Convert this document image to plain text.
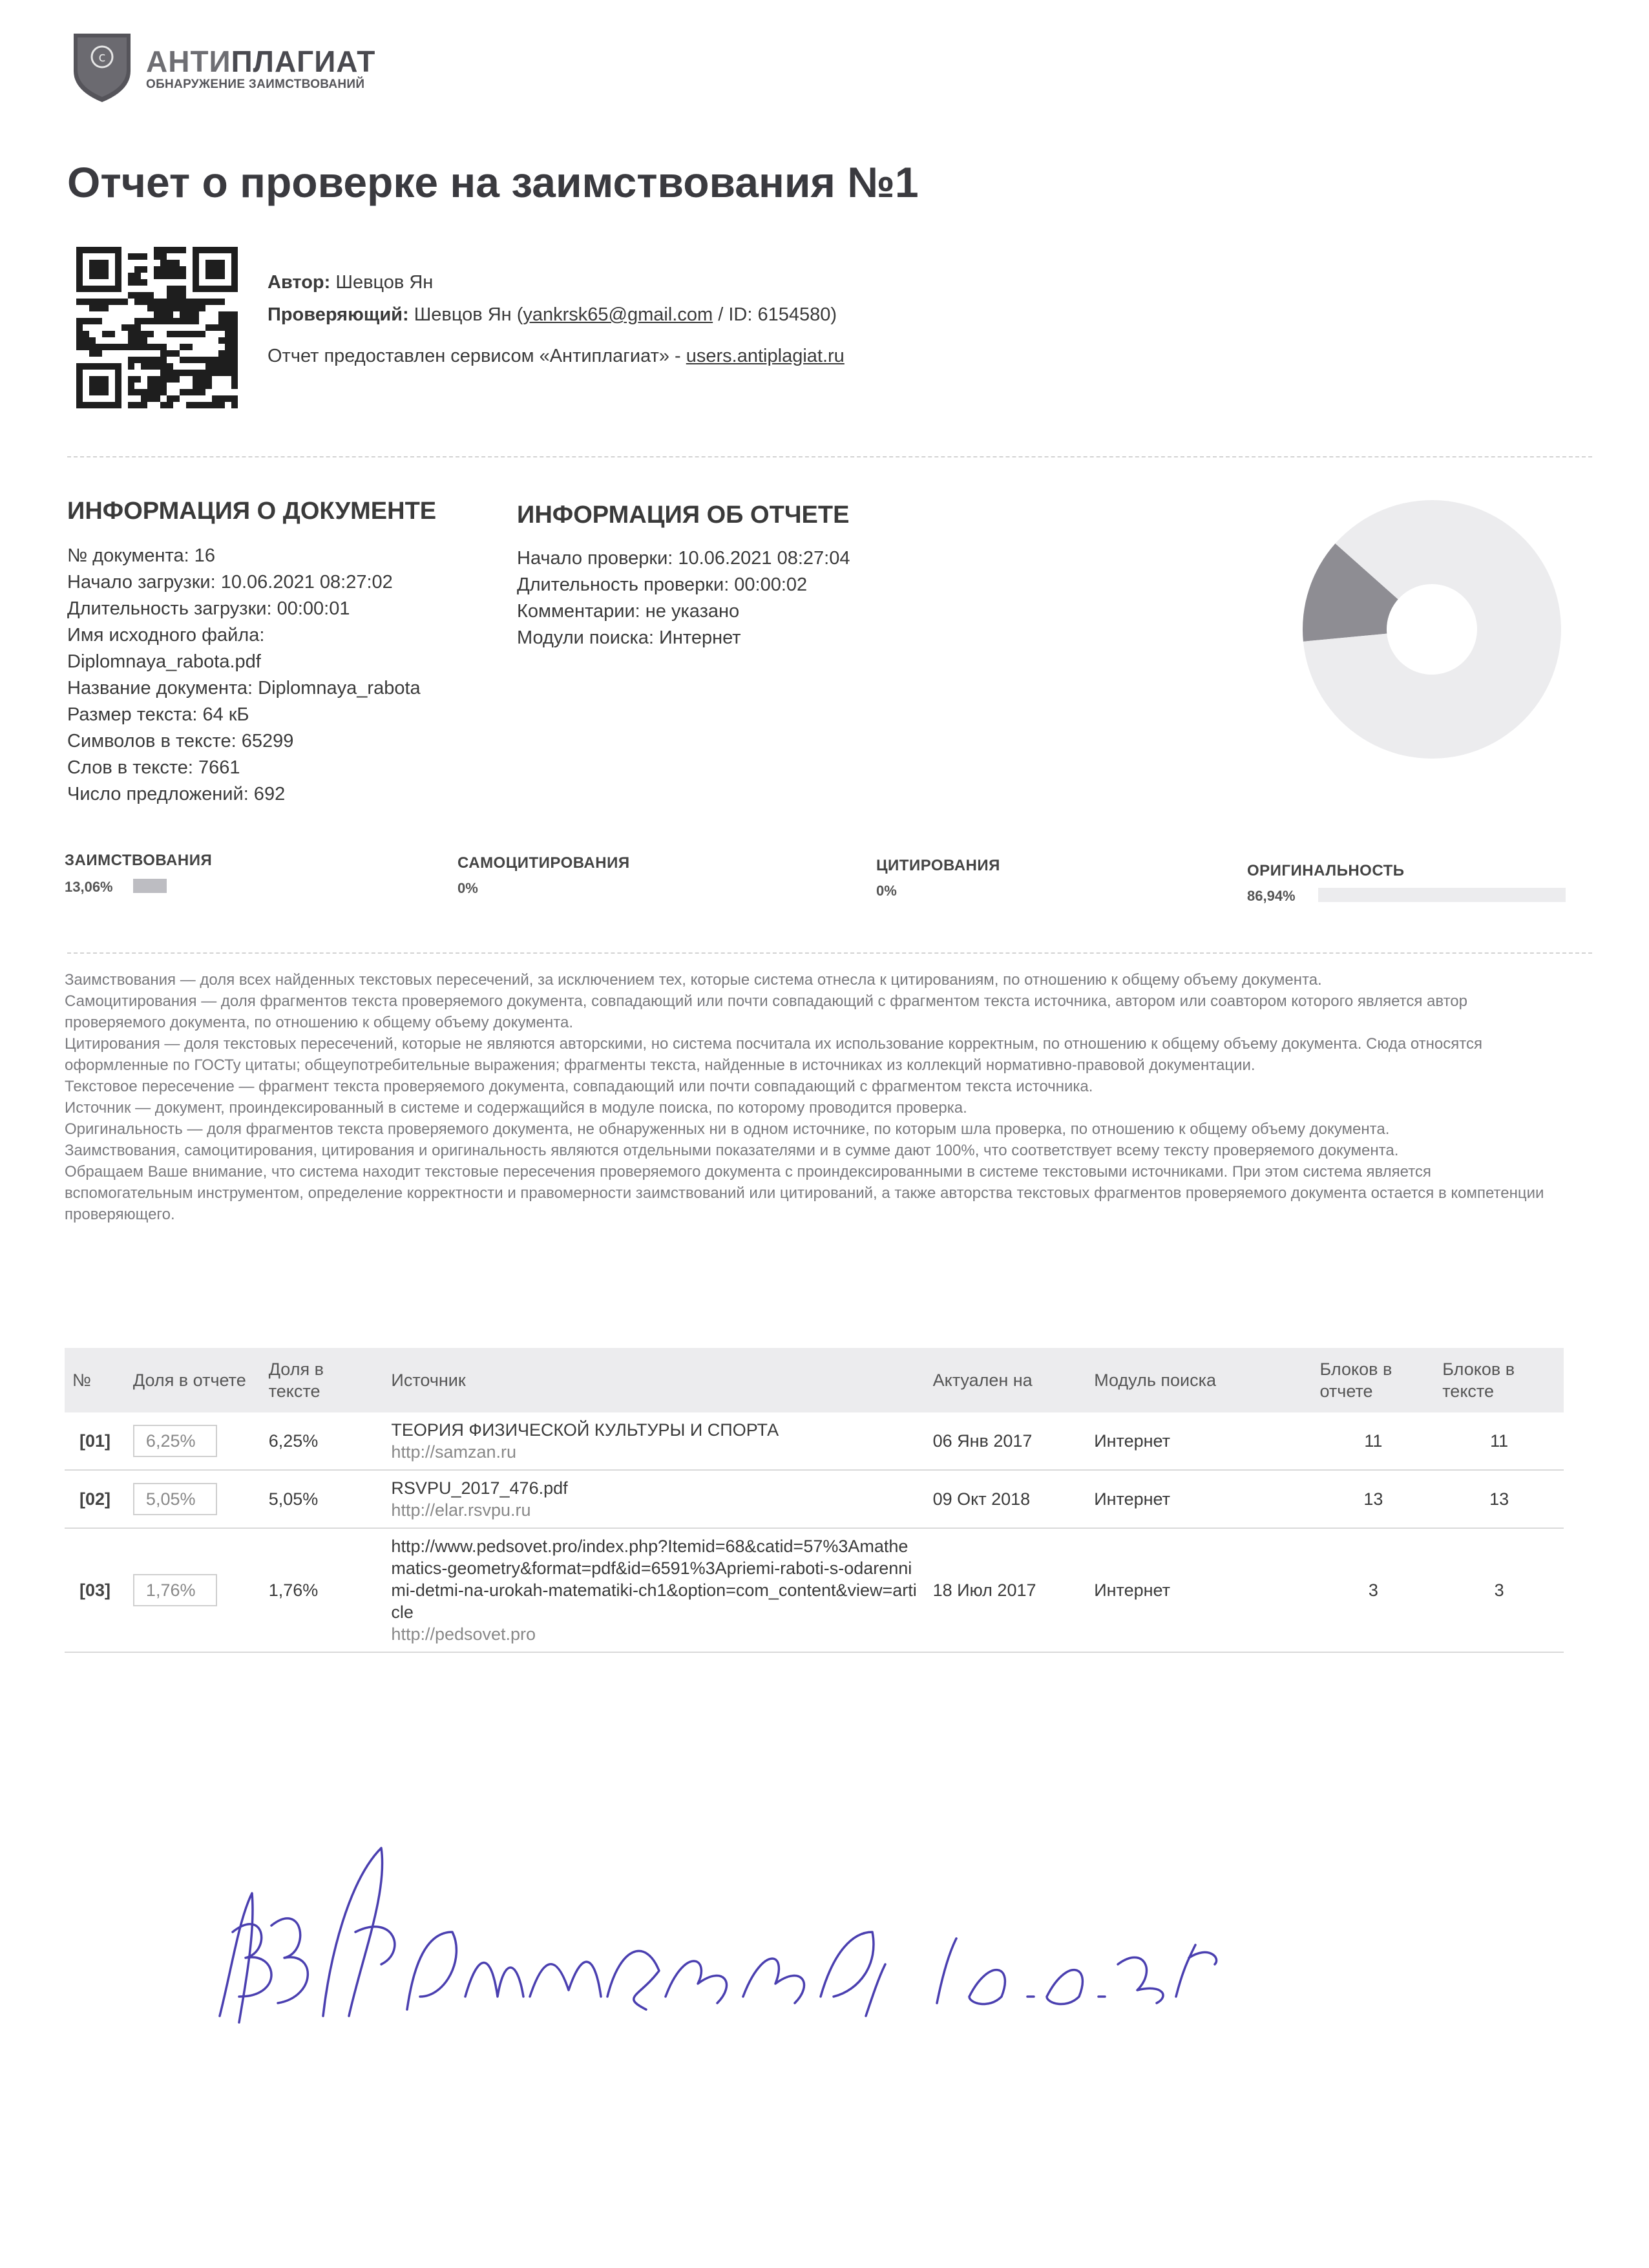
c АНТИПЛАГИАТ
ОБНАРУЖЕНИЕ ЗАИМСТВОВАНИЙ
Отчет о проверке на заимствования №1
Автор: Шевцов Ян
Проверяющий: Шевцов Ян (yankrsk65@gmail.com / ID: 6154580)
Отчет предоставлен сервисом «Антиплагиат» - users.antiplagiat.ru
ИНФОРМАЦИЯ О ДОКУМЕНТЕ
№ документа: 16
Начало загрузки: 10.06.2021 08:27:02
Длительность загрузки: 00:00:01
Имя исходного файла:
Diplomnaya_rabota.pdf
Название документа: Diplomnaya_rabota
Размер текста: 64 кБ
Символов в тексте: 65299
Слов в тексте: 7661
Число предложений: 692
ИНФОРМАЦИЯ ОБ ОТЧЕТЕ
Начало проверки: 10.06.2021 08:27:04
Длительность проверки: 00:00:02
Комментарии: не указано
Модули поиска: Интернет
ЗАИМСТВОВАНИЯ
13,06%
САМОЦИТИРОВАНИЯ
0%
ЦИТИРОВАНИЯ
0%
ОРИГИНАЛЬНОСТЬ
86,94%

Заимствования — доля всех найденных текстовых пересечений, за исключением тех, которые система отнесла к цитированиям, по отношению к общему объему документа.

Самоцитирования — доля фрагментов текста проверяемого документа, совпадающий или почти совпадающий с фрагментом текста источника, автором или соавтором которого является автор проверяемого документа, по отношению к общему объему документа.

Цитирования — доля текстовых пересечений, которые не являются авторскими, но система посчитала их использование корректным, по отношению к общему объему документа. Сюда относятся оформленные по ГОСТу цитаты; общеупотребительные выражения; фрагменты текста, найденные в источниках из коллекций нормативно-правовой документации.

Текстовое пересечение — фрагмент текста проверяемого документа, совпадающий или почти совпадающий с фрагментом текста источника.

Источник — документ, проиндексированный в системе и содержащийся в модуле поиска, по которому проводится проверка.

Оригинальность — доля фрагментов текста проверяемого документа, не обнаруженных ни в одном источнике, по которым шла проверка, по отношению к общему объему документа.

Заимствования, самоцитирования, цитирования и оригинальность являются отдельными показателями и в сумме дают 100%, что соответствует всему тексту проверяемого документа.

Обращаем Ваше внимание, что система находит текстовые пересечения проверяемого документа с проиндексированными в системе текстовыми источниками. При этом система является вспомогательным инструментом, определение корректности и правомерности заимствований или цитирований, а также авторства текстовых фрагментов проверяемого документа остается в компетенции проверяющего.

№	Доля в отчете	Доля в тексте	Источник	Актуален на	Модуль поиска	Блоков в отчете	Блоков в тексте
[01]	6,25%	6,25%	ТЕОРИЯ ФИЗИЧЕСКОЙ КУЛЬТУРЫ И СПОРТА
http://samzan.ru	06 Янв 2017	Интернет	11	11
[02]	5,05%	5,05%	RSVPU_2017_476.pdf
http://elar.rsvpu.ru	09 Окт 2018	Интернет	13	13
[03]	1,76%	1,76%	http://www.pedsovet.pro/index.php?Itemid=68&catid=57%3Amathematics-geometry&format=pdf&id=6591%3Apriemi-raboti-s-odarennimi-detmi-na-urokah-matematiki-ch1&option=com_content&view=article
http://pedsovet.pro	18 Июл 2017	Интернет	3	3
